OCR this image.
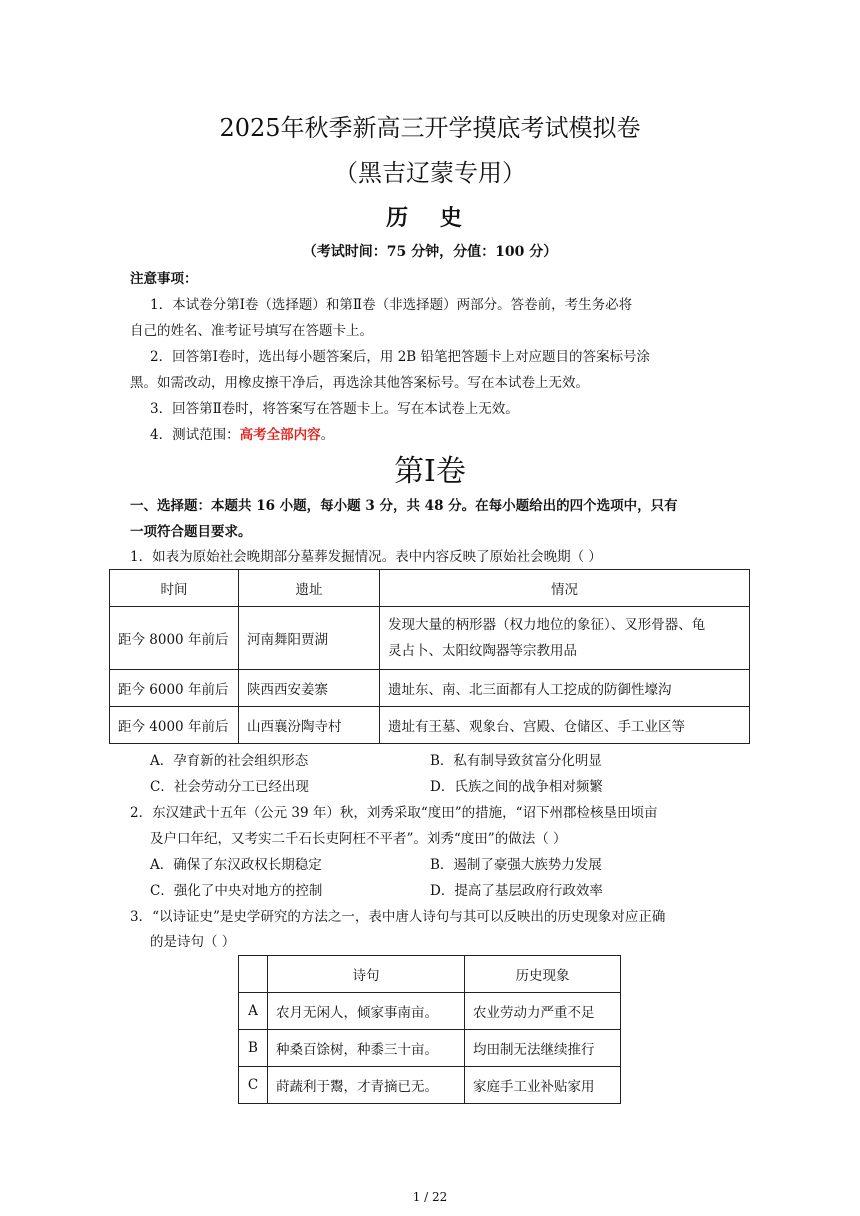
2025年秋季新高三开学摸底考试模拟卷
（黑吉辽蒙专用）
历 史
（考试时间：75 分钟，分值：100 分）
注意事项：
1．本试卷分第Ⅰ卷（选择题）和第Ⅱ卷（非选择题）两部分。答卷前，考生务必将
自己的姓名、准考证号填写在答题卡上。
2．回答第Ⅰ卷时，选出每小题答案后，用 2B 铅笔把答题卡上对应题目的答案标号涂
黑。如需改动，用橡皮擦干净后，再选涂其他答案标号。写在本试卷上无效。
3．回答第Ⅱ卷时，将答案写在答题卡上。写在本试卷上无效。
4．测试范围：高考全部内容。
第Ⅰ卷
一、选择题：本题共 16 小题，每小题 3 分，共 48 分。在每小题给出的四个选项中，只有
一项符合题目要求。
1．如表为原始社会晚期部分墓葬发掘情况。表中内容反映了原始社会晚期（ ）
时间	遗址	情况
距今 8000 年前后	河南舞阳贾湖	发现大量的柄形器（权力地位的象征）、叉形骨器、龟
灵占卜、太阳纹陶器等宗教用品

距今 6000 年前后	陕西西安姜寨	遗址东、南、北三面都有人工挖成的防御性壕沟
距今 4000 年前后	山西襄汾陶寺村	遗址有王墓、观象台、宫殿、仓储区、手工业区等
A．孕育新的社会组织形态	B．私有制导致贫富分化明显
C．社会劳动分工已经出现	D．氏族之间的战争相对频繁
2．东汉建武十五年（公元 39 年）秋，刘秀采取“度田”的措施，“诏下州郡检核垦田顷亩
及户口年纪，又考实二千石长吏阿枉不平者”。刘秀“度田”的做法（ ）
A．确保了东汉政权长期稳定	B．遏制了豪强大族势力发展
C．强化了中央对地方的控制	D．提高了基层政府行政效率
3．“以诗证史”是史学研究的方法之一，表中唐人诗句与其可以反映出的历史现象对应正确
的是诗句（ ）
	诗句	历史现象
A	农月无闲人，倾家事南亩。	农业劳动力严重不足
B	种桑百馀树，种黍三十亩。	均田制无法继续推行
C	莳蔬利于鬻，才青摘已无。	家庭手工业补贴家用
1 / 22
